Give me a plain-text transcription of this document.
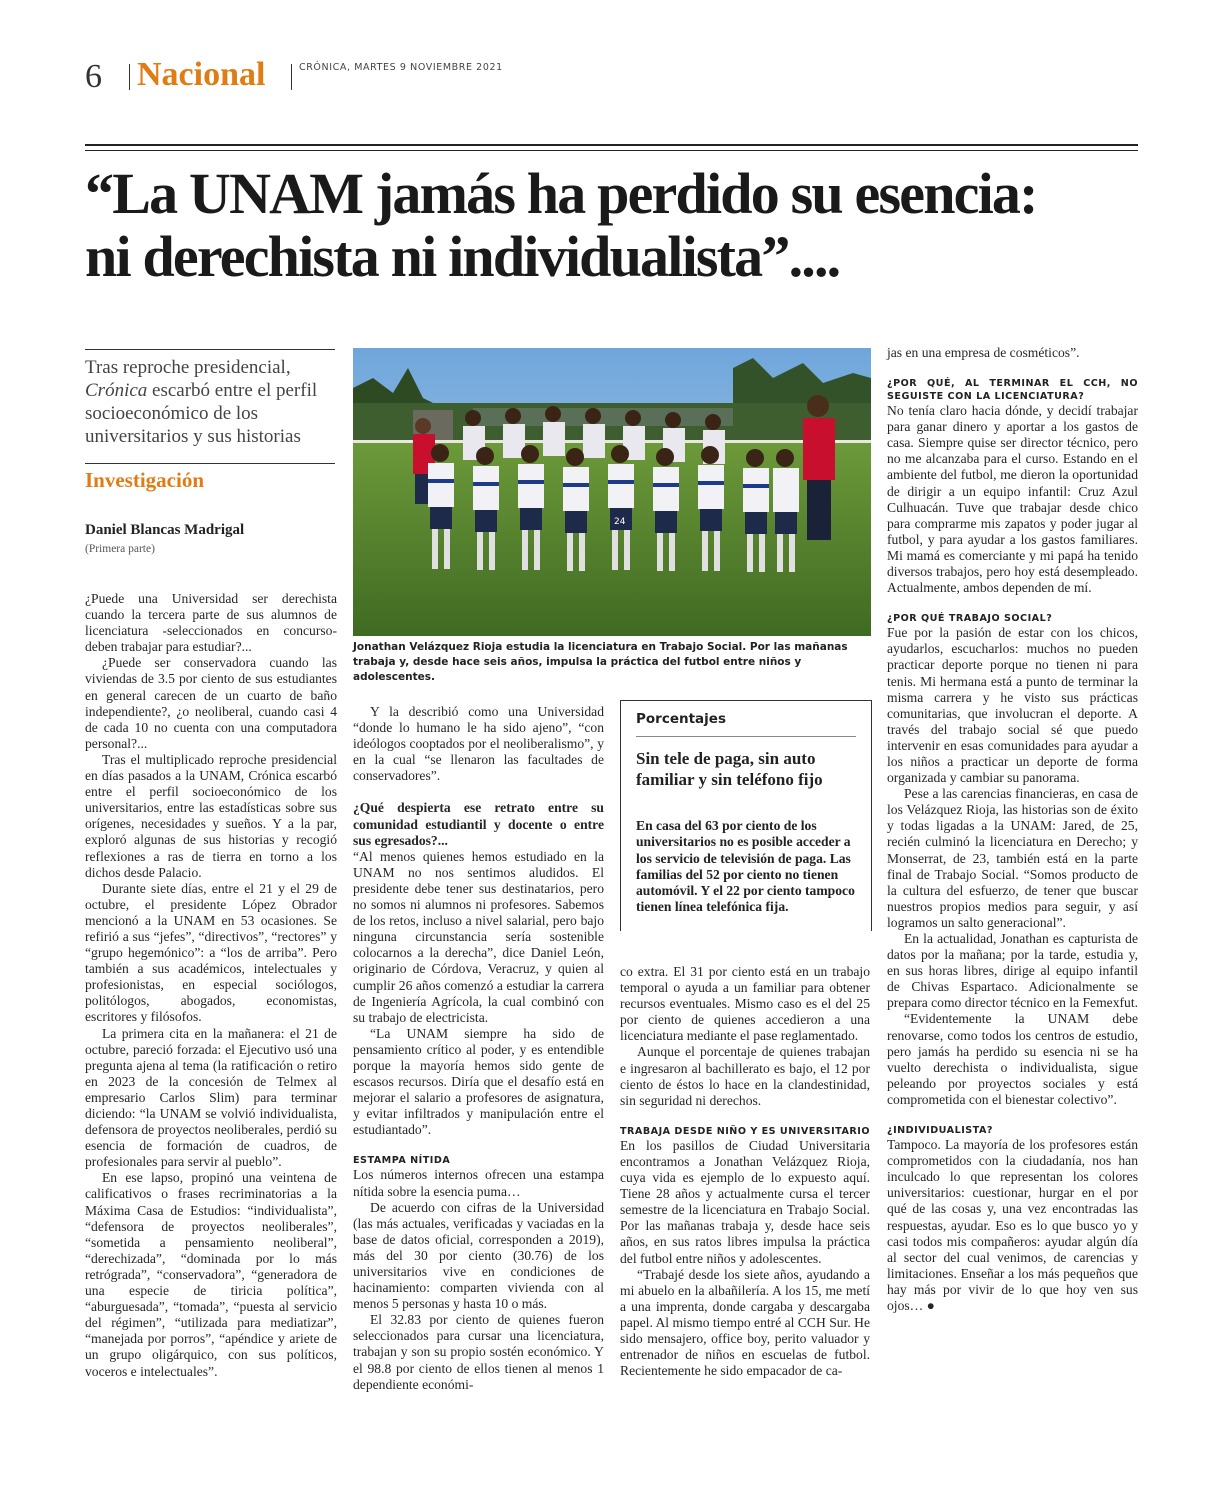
6 Nacional	CRÓNICA, MARTES 9 NOVIEMBRE 2021
“La UNAM jamás ha perdido su esencia:
ni derechista ni individualista”....
Tras reproche presidencial, Crónica escarbó entre el perfil socioeconómico de los universitarios y sus historias
Investigación
Daniel Blancas Madrigal
(Primera parte)

¿Puede una Universidad ser derechista cuando la tercera parte de sus alumnos de licenciatura -seleccionados en concurso- deben trabajar para estudiar?...

¿Puede ser conservadora cuando las viviendas de 3.5 por ciento de sus estudiantes en general carecen de un cuarto de baño independiente?, ¿o neoliberal, cuando casi 4 de cada 10 no cuenta con una computadora personal?...

Tras el multiplicado reproche presidencial en días pasados a la UNAM, Crónica escarbó entre el perfil socioeconómico de los universitarios, entre las estadísticas sobre sus orígenes, necesidades y sueños. Y a la par, exploró algunas de sus historias y recogió reflexiones a ras de tierra en torno a los dichos desde Palacio.

Durante siete días, entre el 21 y el 29 de octubre, el presidente López Obrador mencionó a la UNAM en 53 ocasiones. Se refirió a sus “jefes”, “directivos”, “rectores” y “grupo hegemónico”: a “los de arriba”. Pero también a sus académicos, intelectuales y profesionistas, en especial sociólogos, politólogos, abogados, economistas, escritores y filósofos.

La primera cita en la mañanera: el 21 de octubre, pareció forzada: el Ejecutivo usó una pregunta ajena al tema (la ratificación o retiro en 2023 de la concesión de Telmex al empresario Carlos Slim) para terminar diciendo: “la UNAM se volvió individualista, defensora de proyectos neoliberales, perdió su esencia de formación de cuadros, de profesionales para servir al pueblo”.

En ese lapso, propinó una veintena de calificativos o frases recriminatorias a la Máxima Casa de Estudios: “individualista”, “defensora de proyectos neoliberales”, “sometida a pensamiento neoliberal”, “derechizada”, “dominada por lo más retrógrada”, “conservadora”, “generadora de una especie de tiricia política”, “aburguesada”, “tomada”, “puesta al servicio del régimen”, “utilizada para mediatizar”, “manejada por porros”, “apéndice y ariete de un grupo oligárquico, con sus políticos, voceros e intelectuales”.

24
Jonathan Velázquez Rioja estudia la licenciatura en Trabajo Social. Por las mañanas trabaja y, desde hace seis años, impulsa la práctica del futbol entre niños y adolescentes.

Y la describió como una Universidad “donde lo humano le ha sido ajeno”, “con ideólogos cooptados por el neoliberalismo”, y en la cual “se llenaron las facultades de conservadores”.

¿Qué despierta ese retrato entre su comunidad estudiantil y docente o entre sus egresados?...

“Al menos quienes hemos estudiado en la UNAM no nos sentimos aludidos. El presidente debe tener sus destinatarios, pero no somos ni alumnos ni profesores. Sabemos de los retos, incluso a nivel salarial, pero bajo ninguna circunstancia sería sostenible colocarnos a la derecha”, dice Daniel León, originario de Córdova, Veracruz, y quien al cumplir 26 años comenzó a estudiar la carrera de Ingeniería Agrícola, la cual combinó con su trabajo de electricista.

“La UNAM siempre ha sido de pensamiento crítico al poder, y es entendible porque la mayoría hemos sido gente de escasos recursos. Diría que el desafío está en mejorar el salario a profesores de asignatura, y evitar infiltrados y manipulación entre el estudiantado”.

ESTAMPA NÍTIDA

Los números internos ofrecen una estampa nítida sobre la esencia puma…

De acuerdo con cifras de la Universidad (las más actuales, verificadas y vaciadas en la base de datos oficial, corresponden a 2019), más del 30 por ciento (30.76) de los universitarios vive en condiciones de hacinamiento: comparten vivienda con al menos 5 personas y hasta 10 o más.

El 32.83 por ciento de quienes fueron seleccionados para cursar una licenciatura, trabajan y son su propio sostén económico. Y el 98.8 por ciento de ellos tienen al menos 1 dependiente económi-

Porcentajes
Sin tele de paga, sin auto familiar y sin teléfono fijo
En casa del 63 por ciento de los universitarios no es posible acceder a los servicio de televisión de paga. Las familias del 52 por ciento no tienen automóvil. Y el 22 por ciento tampoco tienen línea telefónica fija.

co extra. El 31 por ciento está en un trabajo temporal o ayuda a un familiar para obtener recursos eventuales. Mismo caso es el del 25 por ciento de quienes accedieron a una licenciatura mediante el pase reglamentado.

Aunque el porcentaje de quienes trabajan e ingresaron al bachillerato es bajo, el 12 por ciento de éstos lo hace en la clandestinidad, sin seguridad ni derechos.

TRABAJA DESDE NIÑO Y ES UNIVERSITARIO

En los pasillos de Ciudad Universitaria encontramos a Jonathan Velázquez Rioja, cuya vida es ejemplo de lo expuesto aquí. Tiene 28 años y actualmente cursa el tercer semestre de la licenciatura en Trabajo Social. Por las mañanas trabaja y, desde hace seis años, en sus ratos libres impulsa la práctica del futbol entre niños y adolescentes.

“Trabajé desde los siete años, ayudando a mi abuelo en la albañilería. A los 15, me metí a una imprenta, donde cargaba y descargaba papel. Al mismo tiempo entré al CCH Sur. He sido mensajero, office boy, perito valuador y entrenador de niños en escuelas de futbol. Recientemente he sido empacador de ca-

jas en una empresa de cosméticos”.

¿POR QUÉ, AL TERMINAR EL CCH, NO SEGUISTE CON LA LICENCIATURA?

No tenía claro hacia dónde, y decidí trabajar para ganar dinero y aportar a los gastos de casa. Siempre quise ser director técnico, pero no me alcanzaba para el curso. Estando en el ambiente del futbol, me dieron la oportunidad de dirigir a un equipo infantil: Cruz Azul Culhuacán. Tuve que trabajar desde chico para comprarme mis zapatos y poder jugar al futbol, y para ayudar a los gastos familiares. Mi mamá es comerciante y mi papá ha tenido diversos trabajos, pero hoy está desempleado. Actualmente, ambos dependen de mí.

¿POR QUÉ TRABAJO SOCIAL?

Fue por la pasión de estar con los chicos, ayudarlos, escucharlos: muchos no pueden practicar deporte porque no tienen ni para tenis. Mi hermana está a punto de terminar la misma carrera y he visto sus prácticas comunitarias, que involucran el deporte. A través del trabajo social sé que puedo intervenir en esas comunidades para ayudar a los niños a practicar un deporte de forma organizada y cambiar su panorama.

Pese a las carencias financieras, en casa de los Velázquez Rioja, las historias son de éxito y todas ligadas a la UNAM: Jared, de 25, recién culminó la licenciatura en Derecho; y Monserrat, de 23, también está en la parte final de Trabajo Social. “Somos producto de la cultura del esfuerzo, de tener que buscar nuestros propios medios para seguir, y así logramos un salto generacional”.

En la actualidad, Jonathan es capturista de datos por la mañana; por la tarde, estudia y, en sus horas libres, dirige al equipo infantil de Chivas Espartaco. Adicionalmente se prepara como director técnico en la Femexfut.

“Evidentemente la UNAM debe renovarse, como todos los centros de estudio, pero jamás ha perdido su esencia ni se ha vuelto derechista o individualista, sigue peleando por proyectos sociales y está comprometida con el bienestar colectivo”.

¿INDIVIDUALISTA?

Tampoco. La mayoría de los profesores están comprometidos con la ciudadanía, nos han inculcado lo que representan los colores universitarios: cuestionar, hurgar en el por qué de las cosas y, una vez encontradas las respuestas, ayudar. Eso es lo que busco yo y casi todos mis compañeros: ayudar algún día al sector del cual venimos, de carencias y limitaciones. Enseñar a los más pequeños que hay más por vivir de lo que hoy ven sus ojos… ●
